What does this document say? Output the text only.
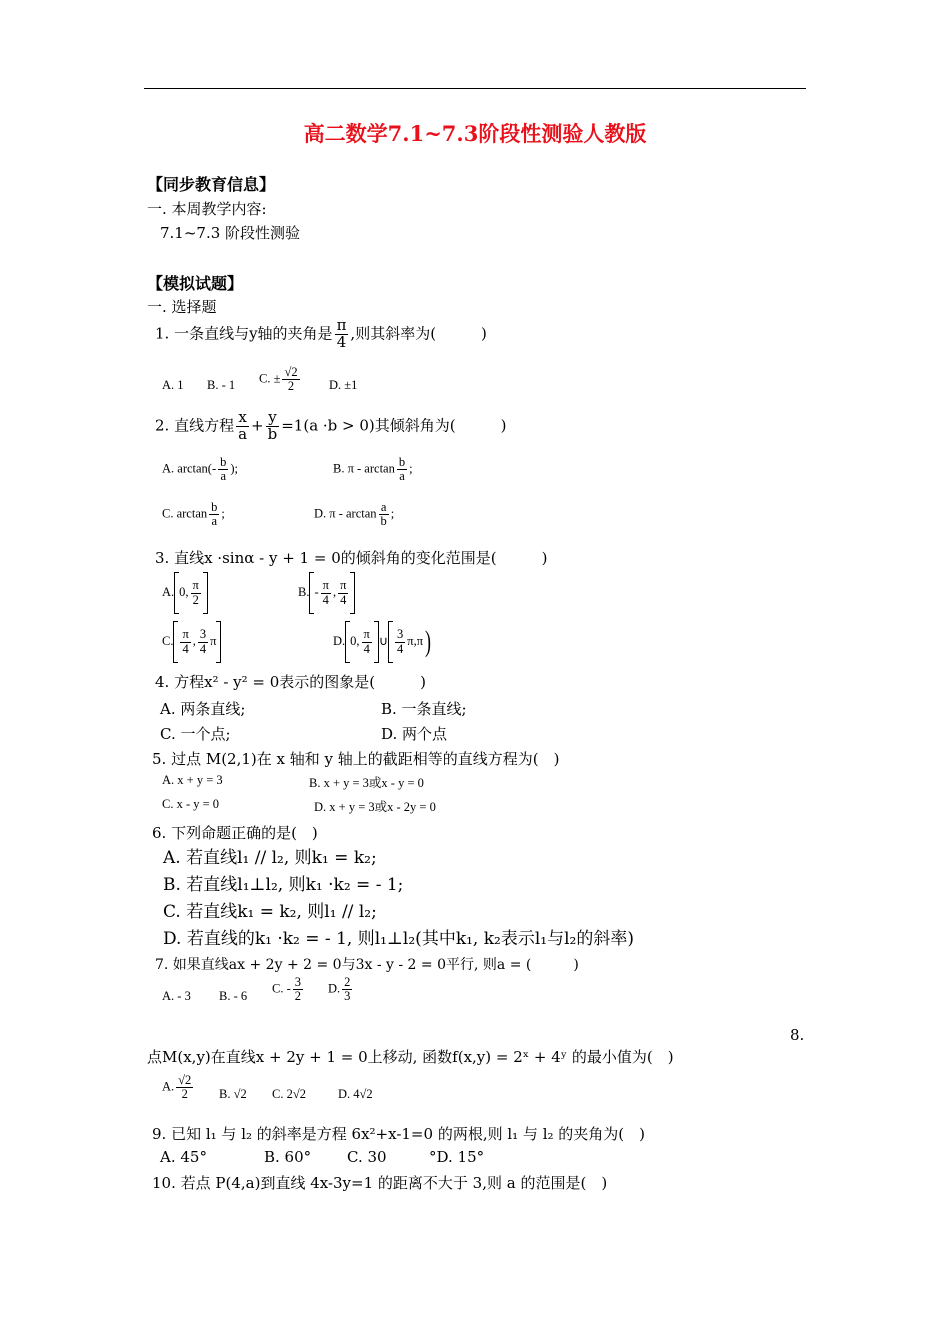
高二数学7.1~7.3阶段性测验人教版
【同步教育信息】
一. 本周教学内容:
7.1~7.3 阶段性测验
【模拟试题】
一. 选择题
1. 一条直线与y轴的夹角是 $\frac{\pi}{4}$ ,则其斜率为(　　　)
A. 1 B. - 1 C. ± $\frac{√2}{2} D$. ±1
2. 直线方程 $\frac{x}{a} + \frac{y}{b} =1(a \cdot b > 0)$其倾斜角为(　　　)
A. $\arctan(- \frac{b}{a}$ );	B. π - $\arctan \frac{b}{a}$ ;
C. $\arctan \frac{b}{a}$ ;	D. π - $\arctan \frac{a}{b}$ ;
3. 直线x ·sinα - y + 1 = 0的倾斜角的变化范围是(　　　)
A. 0, $\frac{\pi}{2}$	B. - $\frac{\pi}{4}$ , $\frac{\pi}{4}$
C. $\frac{\pi}{4}$ , $\frac{3}{4}$ π	D. 0, $\frac{\pi}{4}$ ∪ $\frac{3}{4} \pi,\pi$)
4. 方程x² - y² = 0表示的图象是(　　　)
A. 两条直线;	B. 一条直线;
C. 一个点;	D. 两个点
5. 过点 M(2,1)在 x 轴和 y 轴上的截距相等的直线方程为(　)
A. x + y = 3	B. x + y = 3或x - y = 0
C. x - y = 0	D. x + y = 3或x - 2y = 0
6. 下列命题正确的是(　)
A. 若直线l₁ // l₂, 则k₁ = k₂;
B. 若直线l₁⊥l₂, 则k₁ ·k₂ = - 1;
C. 若直线k₁ = k₂, 则l₁ // l₂;
D. 若直线的k₁ ·k₂ = - 1, 则l₁⊥l₂(其中k₁, k₂表示l₁与l₂的斜率)
7. 如果直线ax + 2y + 2 = 0与3x - y - 2 = 0平行, 则a = (　　　)
A. - 3 B. - 6
C. - $\frac{3}{2} D$. $\frac{2}{3}$
8.
点M(x,y)在直线x + 2y + 1 = 0上移动, 函数f(x,y) = 2ˣ + 4ʸ 的最小值为(　)
A. $\frac{√2}{2} B$. √2 C. 2√2	D. 4√2
9. 已知 l₁ 与 l₂ 的斜率是方程 6x²+x-1=0 的两根,则 l₁ 与 l₂ 的夹角为(　)
A. 45°	B. 60° C. 30	°D. 15°
10. 若点 P(4,a)到直线 4x-3y=1 的距离不大于 3,则 a 的范围是(　)
